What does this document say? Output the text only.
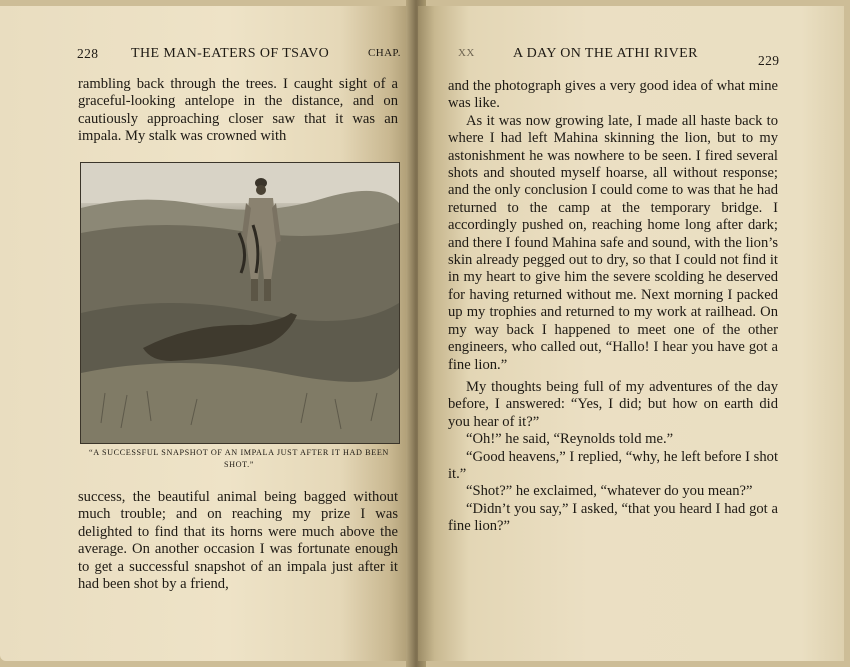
228 THE MAN-EATERS OF TSAVO	CHAP.

rambling back through the trees. I caught sight of a graceful-looking antelope in the distance, and on cautiously approaching closer saw that it was an impala. My stalk was crowned with

“A SUCCESSFUL SNAPSHOT OF AN IMPALA JUST AFTER IT HAD BEEN SHOT.”

success, the beautiful animal being bagged without much trouble; and on reaching my prize I was delighted to find that its horns were much above the average. On another occasion I was fortunate enough to get a successful snapshot of an impala just after it had been shot by a friend,

XX	A DAY ON THE ATHI RIVER	229

and the photograph gives a very good idea of what mine was like.

As it was now growing late, I made all haste back to where I had left Mahina skinning the lion, but to my astonishment he was nowhere to be seen. I fired several shots and shouted myself hoarse, all without response; and the only conclusion I could come to was that he had returned to the camp at the temporary bridge. I accordingly pushed on, reaching home long after dark; and there I found Mahina safe and sound, with the lion’s skin already pegged out to dry, so that I could not find it in my heart to give him the severe scolding he deserved for having returned without me. Next morning I packed up my trophies and returned to my work at railhead. On my way back I happened to meet one of the other engineers, who called out, “Hallo! I hear you have got a fine lion.”

My thoughts being full of my adventures of the day before, I answered: “Yes, I did; but how on earth did you hear of it?”

“Oh!” he said, “Reynolds told me.”

“Good heavens,” I replied, “why, he left before I shot it.”

“Shot?” he exclaimed, “whatever do you mean?”

“Didn’t you say,” I asked, “that you heard I had got a fine lion?”
